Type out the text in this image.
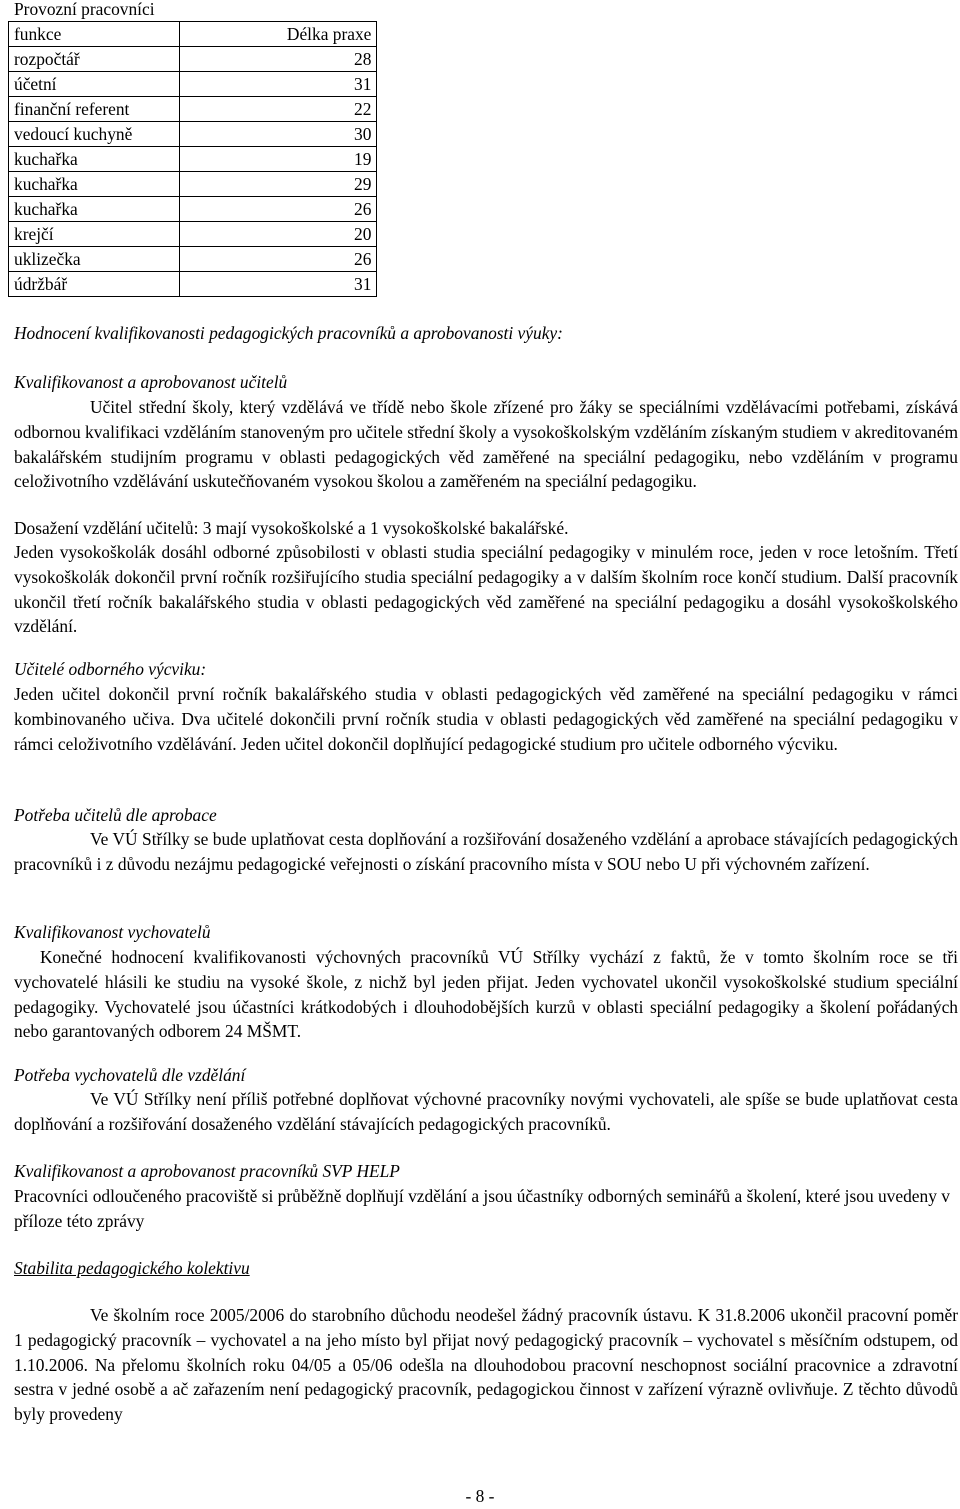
Provozní pracovníci
funkce	Délka praxe
rozpočtář	28
účetní	31
finanční referent	22
vedoucí kuchyně	30
kuchařka	19
kuchařka	29
kuchařka	26
krejčí	20
uklizečka	26
údržbář	31
Hodnocení kvalifikovanosti pedagogických pracovníků a aprobovanosti výuky:
Kvalifikovanost a aprobovanost učitelů
Učitel střední školy, který vzdělává ve třídě nebo škole zřízené pro žáky se speciálními vzdělávacími potřebami, získává odbornou kvalifikaci vzděláním stanoveným pro učitele střední školy a vysokoškolským vzděláním získaným studiem v akreditovaném bakalářském studijním programu v oblasti pedagogických věd zaměřené na speciální pedagogiku, nebo vzděláním v programu celoživotního vzdělávání uskutečňovaném vysokou školou a zaměřeném na speciální pedagogiku.
Dosažení vzdělání učitelů: 3 mají vysokoškolské a 1 vysokoškolské bakalářské.
Jeden vysokoškolák dosáhl odborné způsobilosti v oblasti studia speciální pedagogiky v minulém roce, jeden v roce letošním. Třetí vysokoškolák dokončil první ročník rozšiřujícího studia speciální pedagogiky a v dalším školním roce končí studium. Další pracovník ukončil třetí ročník bakalářského studia v oblasti pedagogických věd zaměřené na speciální pedagogiku a dosáhl vysokoškolského vzdělání.
Učitelé odborného výcviku:
Jeden učitel dokončil první ročník bakalářského studia v oblasti pedagogických věd zaměřené na speciální pedagogiku v rámci kombinovaného učiva. Dva učitelé dokončili první ročník studia v oblasti pedagogických věd zaměřené na speciální pedagogiku v rámci celoživotního vzdělávání. Jeden učitel dokončil doplňující pedagogické studium pro učitele odborného výcviku.
Potřeba učitelů dle aprobace
Ve VÚ Střílky se bude uplatňovat cesta doplňování a rozšiřování dosaženého vzdělání a aprobace stávajících pedagogických pracovníků i z důvodu nezájmu pedagogické veřejnosti o získání pracovního místa v SOU nebo U při výchovném zařízení.
Kvalifikovanost vychovatelů
Konečné hodnocení kvalifikovanosti výchovných pracovníků VÚ Střílky vychází z faktů, že v tomto školním roce se tři vychovatelé hlásili ke studiu na vysoké škole, z nichž byl jeden přijat. Jeden vychovatel ukončil vysokoškolské studium speciální pedagogiky. Vychovatelé jsou účastníci krátkodobých i dlouhodobějších kurzů v oblasti speciální pedagogiky a školení pořádaných nebo garantovaných odborem 24 MŠMT.
Potřeba vychovatelů dle vzdělání
Ve VÚ Střílky není příliš potřebné doplňovat výchovné pracovníky novými vychovateli, ale spíše se bude uplatňovat cesta doplňování a rozšiřování dosaženého vzdělání stávajících pedagogických pracovníků.
Kvalifikovanost a aprobovanost pracovníků SVP HELP
Pracovníci odloučeného pracoviště si průběžně doplňují vzdělání a jsou účastníky odborných seminářů a školení, které jsou uvedeny v příloze této zprávy
Stabilita pedagogického kolektivu
Ve školním roce 2005/2006 do starobního důchodu neodešel žádný pracovník ústavu. K 31.8.2006 ukončil pracovní poměr 1 pedagogický pracovník – vychovatel a na jeho místo byl přijat nový pedagogický pracovník – vychovatel s měsíčním odstupem, od 1.10.2006. Na přelomu školních roku 04/05 a 05/06 odešla na dlouhodobou pracovní neschopnost sociální pracovnice a zdravotní sestra v jedné osobě a ač zařazením není pedagogický pracovník, pedagogickou činnost v zařízení výrazně ovlivňuje. Z těchto důvodů byly provedeny
- 8 -
